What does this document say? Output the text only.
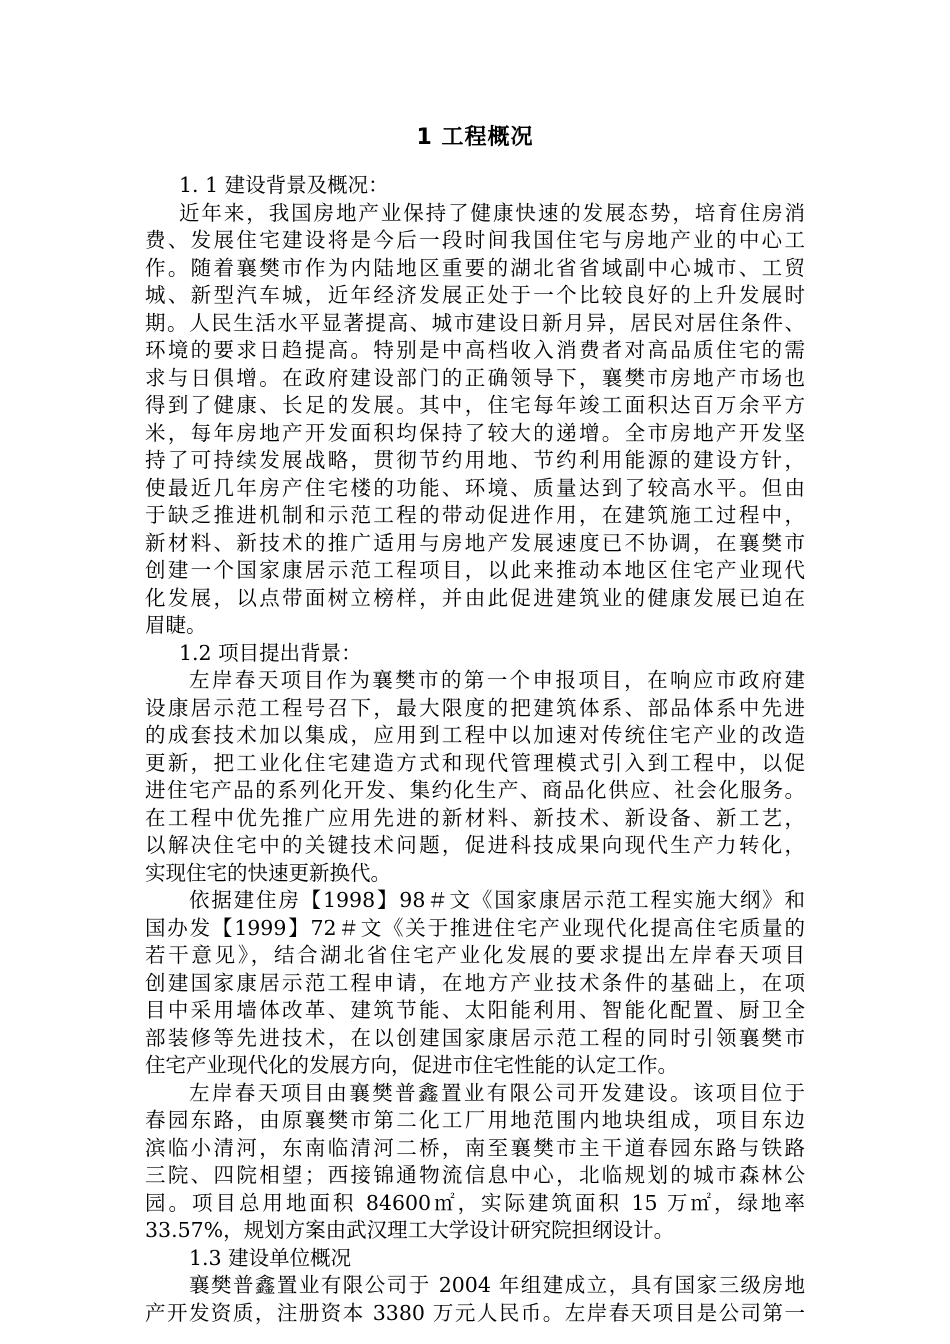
1 工程概况
1. 1 建设背景及概况：
近年来，我国房地产业保持了健康快速的发展态势，培育住房消
费、发展住宅建设将是今后一段时间我国住宅与房地产业的中心工
作。随着襄樊市作为内陆地区重要的湖北省省域副中心城市、工贸
城、新型汽车城，近年经济发展正处于一个比较良好的上升发展时
期。人民生活水平显著提高、城市建设日新月异，居民对居住条件、
环境的要求日趋提高。特别是中高档收入消费者对高品质住宅的需
求与日俱增。在政府建设部门的正确领导下，襄樊市房地产市场也
得到了健康、长足的发展。其中，住宅每年竣工面积达百万余平方
米，每年房地产开发面积均保持了较大的递增。全市房地产开发坚
持了可持续发展战略，贯彻节约用地、节约利用能源的建设方针，
使最近几年房产住宅楼的功能、环境、质量达到了较高水平。但由
于缺乏推进机制和示范工程的带动促进作用，在建筑施工过程中，
新材料、新技术的推广适用与房地产发展速度已不协调，在襄樊市
创建一个国家康居示范工程项目，以此来推动本地区住宅产业现代
化发展，以点带面树立榜样，并由此促进建筑业的健康发展已迫在
眉睫。
1.2 项目提出背景：
左岸春天项目作为襄樊市的第一个申报项目，在响应市政府建
设康居示范工程号召下，最大限度的把建筑体系、部品体系中先进
的成套技术加以集成，应用到工程中以加速对传统住宅产业的改造
更新，把工业化住宅建造方式和现代管理模式引入到工程中，以促
进住宅产品的系列化开发、集约化生产、商品化供应、社会化服务。
在工程中优先推广应用先进的新材料、新技术、新设备、新工艺，
以解决住宅中的关键技术问题，促进科技成果向现代生产力转化，
实现住宅的快速更新换代。
依据建住房【1998】98＃文《国家康居示范工程实施大纲》和
国办发【1999】72＃文《关于推进住宅产业现代化提高住宅质量的
若干意见》，结合湖北省住宅产业化发展的要求提出左岸春天项目
创建国家康居示范工程申请，在地方产业技术条件的基础上，在项
目中采用墙体改革、建筑节能、太阳能利用、智能化配置、厨卫全
部装修等先进技术，在以创建国家康居示范工程的同时引领襄樊市
住宅产业现代化的发展方向，促进市住宅性能的认定工作。
左岸春天项目由襄樊普鑫置业有限公司开发建设。该项目位于
春园东路，由原襄樊市第二化工厂用地范围内地块组成，项目东边
滨临小清河，东南临清河二桥，南至襄樊市主干道春园东路与铁路
三院、四院相望；西接锦通物流信息中心，北临规划的城市森林公
园。项目总用地面积 84600㎡，实际建筑面积 15 万㎡，绿地率
33.57%，规划方案由武汉理工大学设计研究院担纲设计。
1.3 建设单位概况
襄樊普鑫置业有限公司于 2004 年组建成立，具有国家三级房地
产开发资质，注册资本 3380 万元人民币。左岸春天项目是公司第一
